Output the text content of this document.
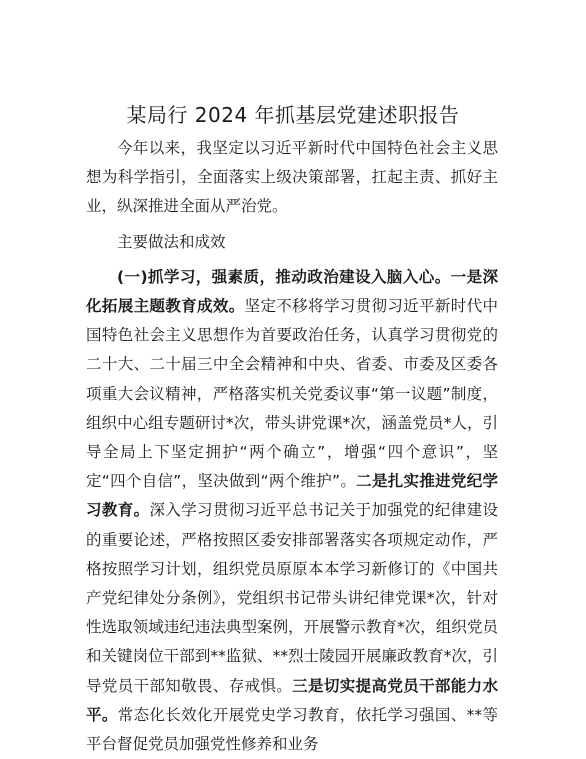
某局行 2024 年抓基层党建述职报告

今年以来，我坚定以习近平新时代中国特色社会主义思想为科学指引，全面落实上级决策部署，扛起主责、抓好主业，纵深推进全面从严治党。

主要做法和成效

(一)抓学习，强素质，推动政治建设入脑入心。一是深化拓展主题教育成效。坚定不移将学习贯彻习近平新时代中国特色社会主义思想作为首要政治任务，认真学习贯彻党的二十大、二十届三中全会精神和中央、省委、市委及区委各项重大会议精神，严格落实机关党委议事“第一议题”制度，组织中心组专题研讨*次，带头讲党课*次，涵盖党员*人，引导全局上下坚定拥护“两个确立”，增强“四个意识”，坚定“四个自信”，坚决做到“两个维护”。二是扎实推进党纪学习教育。深入学习贯彻习近平总书记关于加强党的纪律建设的重要论述，严格按照区委安排部署落实各项规定动作，严格按照学习计划，组织党员原原本本学习新修订的《中国共产党纪律处分条例》，党组织书记带头讲纪律党课*次，针对性选取领域违纪违法典型案例，开展警示教育*次，组织党员和关键岗位干部到**监狱、**烈士陵园开展廉政教育*次，引导党员干部知敬畏、存戒惧。三是切实提高党员干部能力水平。常态化长效化开展党史学习教育，依托学习强国、**等平台督促党员加强党性修养和业务
